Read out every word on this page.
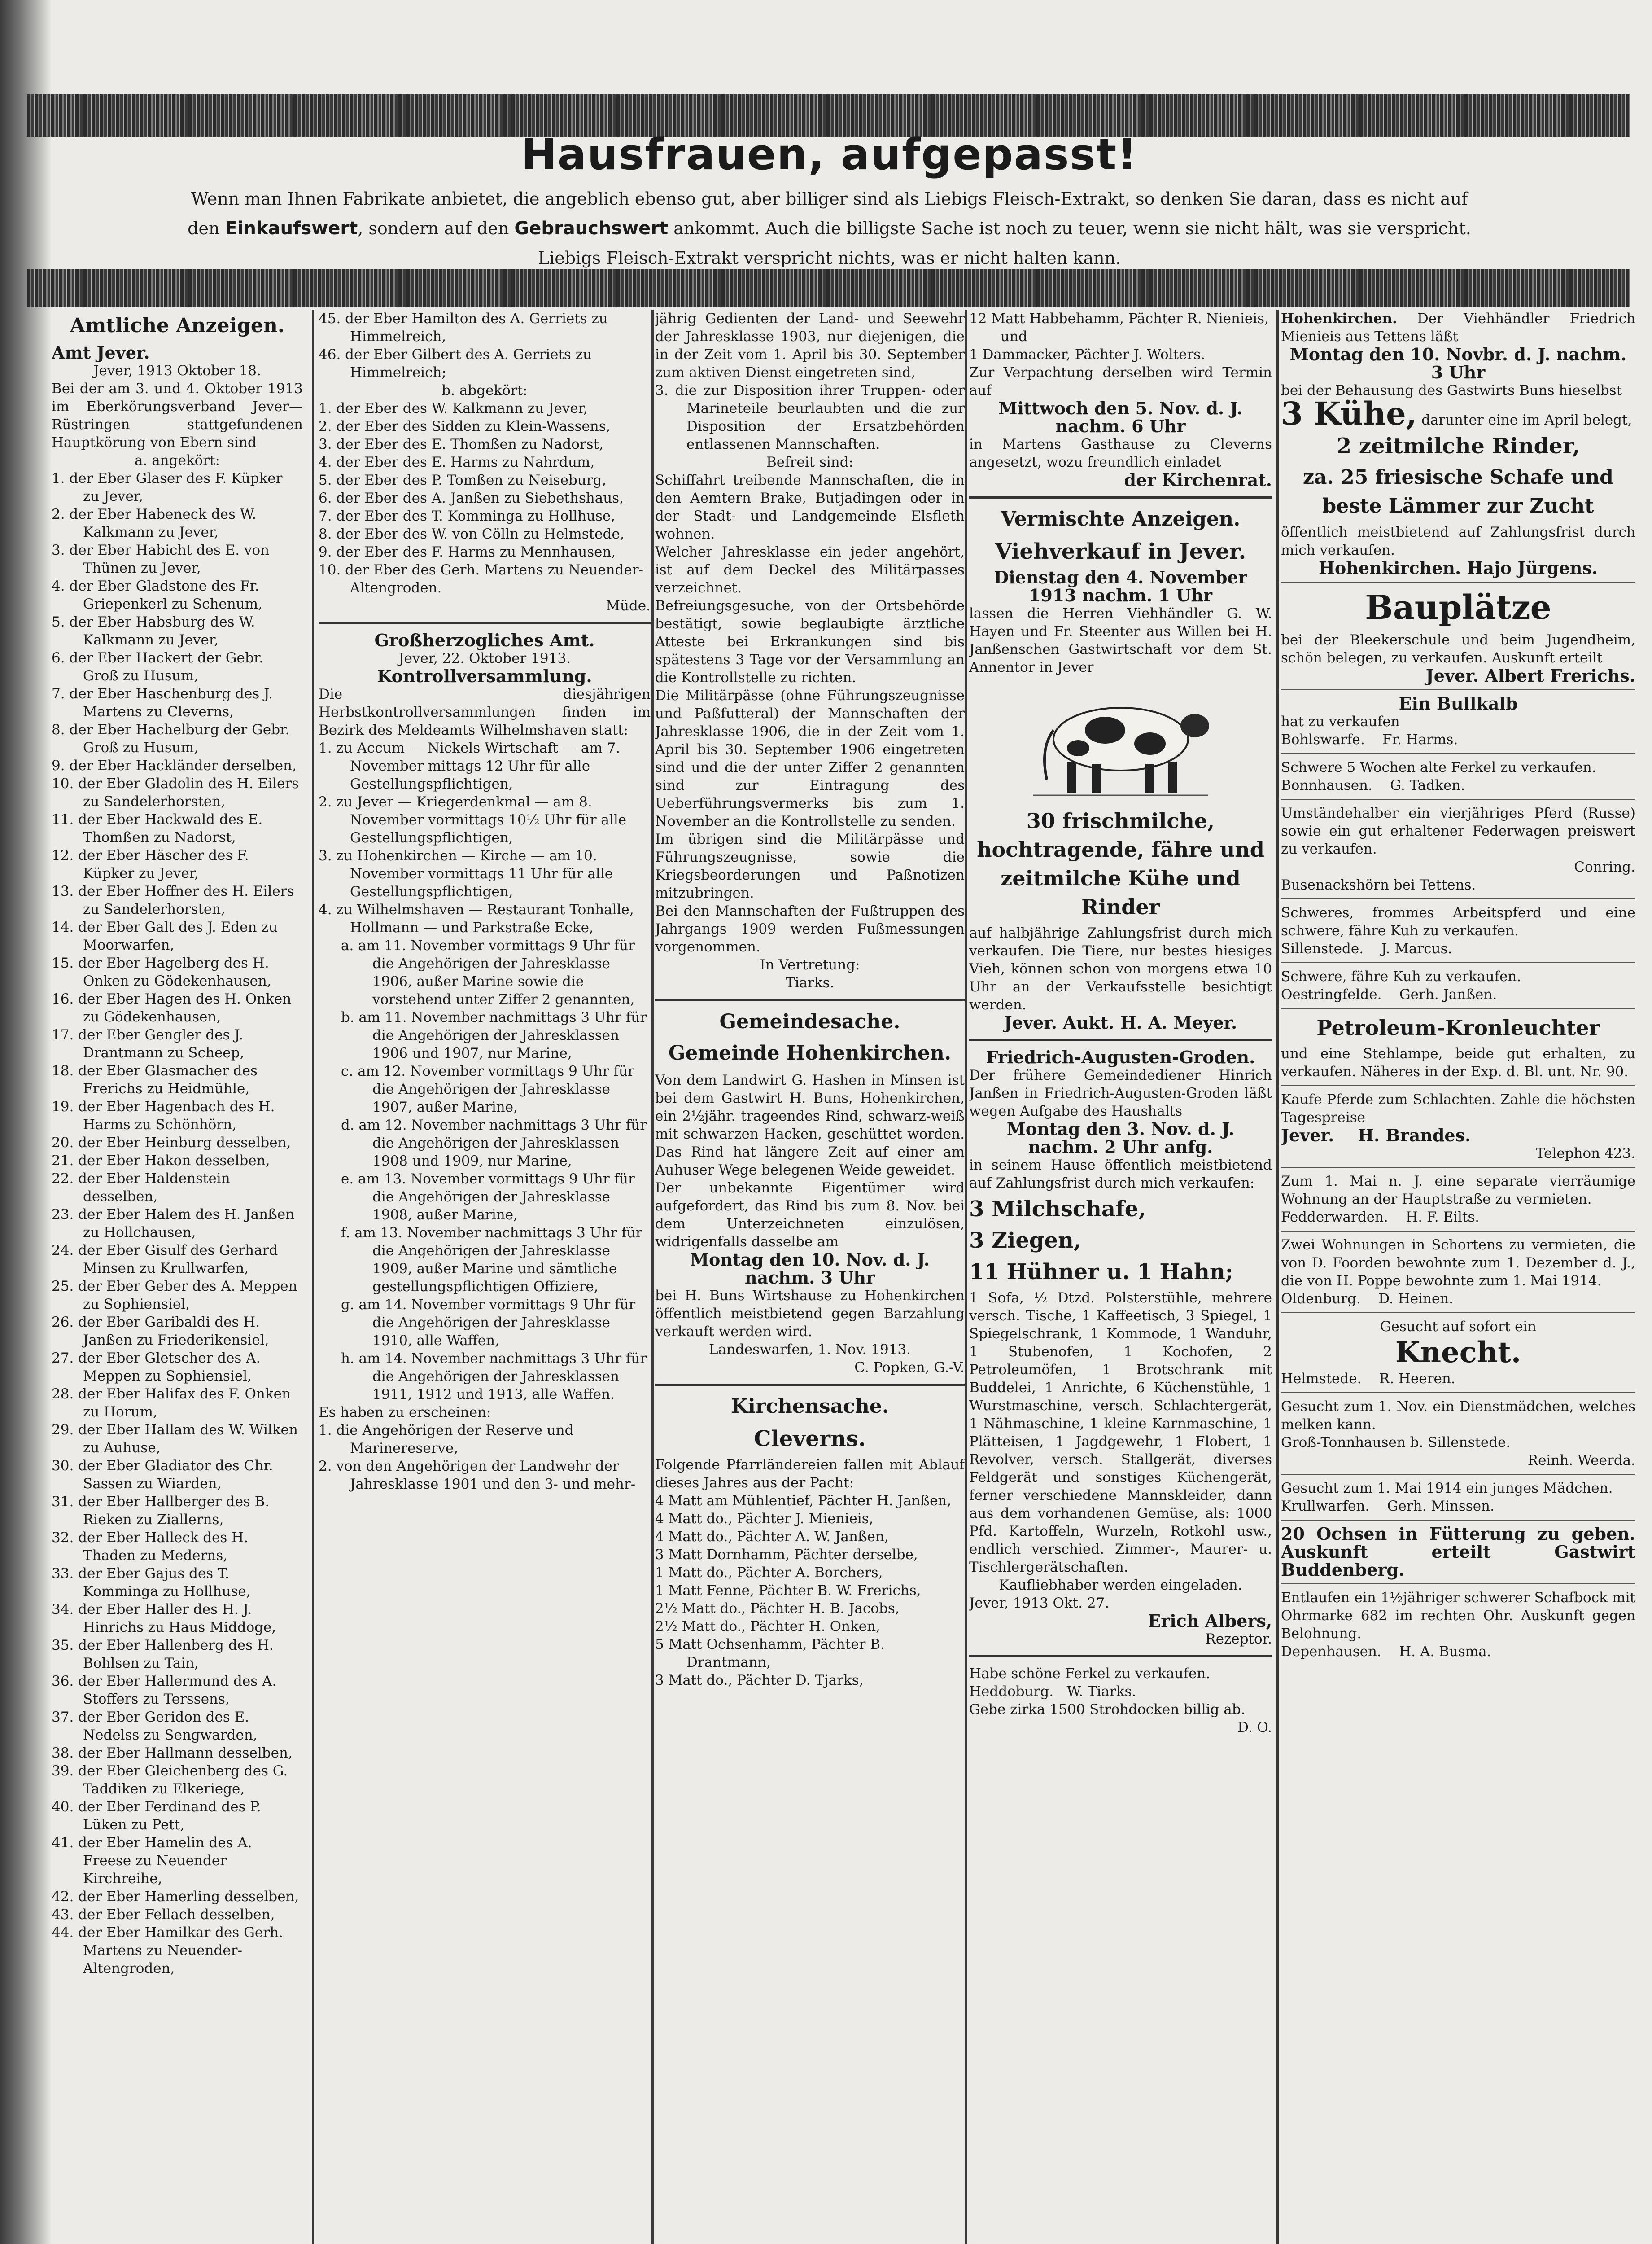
Hausfrauen, aufgepasst!

Wenn man Ihnen Fabrikate anbietet, die angeblich ebenso gut, aber billiger sind als Liebigs Fleisch-Extrakt, so denken Sie daran, dass es nicht auf

den Einkaufswert, sondern auf den Gebrauchswert ankommt. Auch die billigste Sache ist noch zu teuer, wenn sie nicht hält, was sie verspricht.

Liebigs Fleisch-Extrakt verspricht nichts, was er nicht halten kann.

Amtliche Anzeigen.

Amt Jever.

Jever, 1913 Oktober 18.

Bei der am 3. und 4. Oktober 1913 im Eberkörungsverband Jever—Rüstringen stattgefundenen Hauptkörung von Ebern sind

a. angekört:

1. der Eber Glaser des F. Küpker zu Jever,

2. der Eber Habeneck des W. Kalkmann zu Jever,

3. der Eber Habicht des E. von Thünen zu Jever,

4. der Eber Gladstone des Fr. Griepenkerl zu Schenum,

5. der Eber Habsburg des W. Kalkmann zu Jever,

6. der Eber Hackert der Gebr. Groß zu Husum,

7. der Eber Haschenburg des J. Martens zu Cleverns,

8. der Eber Hachelburg der Gebr. Groß zu Husum,

9. der Eber Hackländer derselben,

10. der Eber Gladolin des H. Eilers zu Sandelerhorsten,

11. der Eber Hackwald des E. Thomßen zu Nadorst,

12. der Eber Häscher des F. Küpker zu Jever,

13. der Eber Hoffner des H. Eilers zu Sandelerhorsten,

14. der Eber Galt des J. Eden zu Moorwarfen,

15. der Eber Hagelberg des H. Onken zu Gödekenhausen,

16. der Eber Hagen des H. Onken zu Gödekenhausen,

17. der Eber Gengler des J. Drantmann zu Scheep,

18. der Eber Glasmacher des Frerichs zu Heidmühle,

19. der Eber Hagenbach des H. Harms zu Schönhörn,

20. der Eber Heinburg desselben,

21. der Eber Hakon desselben,

22. der Eber Haldenstein desselben,

23. der Eber Halem des H. Janßen zu Hollchausen,

24. der Eber Gisulf des Gerhard Minsen zu Krullwarfen,

25. der Eber Geber des A. Meppen zu Sophiensiel,

26. der Eber Garibaldi des H. Janßen zu Friederikensiel,

27. der Eber Gletscher des A. Meppen zu Sophiensiel,

28. der Eber Halifax des F. Onken zu Horum,

29. der Eber Hallam des W. Wilken zu Auhuse,

30. der Eber Gladiator des Chr. Sassen zu Wiarden,

31. der Eber Hallberger des B. Rieken zu Ziallerns,

32. der Eber Halleck des H. Thaden zu Mederns,

33. der Eber Gajus des T. Komminga zu Hollhuse,

34. der Eber Haller des H. J. Hinrichs zu Haus Middoge,

35. der Eber Hallenberg des H. Bohlsen zu Tain,

36. der Eber Hallermund des A. Stoffers zu Terssens,

37. der Eber Geridon des E. Nedelss zu Sengwarden,

38. der Eber Hallmann desselben,

39. der Eber Gleichenberg des G. Taddiken zu Elkeriege,

40. der Eber Ferdinand des P. Lüken zu Pett,

41. der Eber Hamelin des A. Freese zu Neuender Kirchreihe,

42. der Eber Hamerling desselben,

43. der Eber Fellach desselben,

44. der Eber Hamilkar des Gerh. Martens zu Neuender-Altengroden,

45. der Eber Hamilton des A. Gerriets zu Himmelreich,

46. der Eber Gilbert des A. Gerriets zu Himmelreich;

b. abgekört:

1. der Eber des W. Kalkmann zu Jever,

2. der Eber des Sidden zu Klein-Wassens,

3. der Eber des E. Thomßen zu Nadorst,

4. der Eber des E. Harms zu Nahrdum,

5. der Eber des P. Tomßen zu Neiseburg,

6. der Eber des A. Janßen zu Siebethshaus,

7. der Eber des T. Komminga zu Hollhuse,

8. der Eber des W. von Cölln zu Helmstede,

9. der Eber des F. Harms zu Mennhausen,

10. der Eber des Gerh. Martens zu Neuender-Altengroden.

Müde.

Großherzogliches Amt.

Jever, 22. Oktober 1913.

Kontrollversammlung.

Die diesjährigen Herbstkontrollversammlungen finden im Bezirk des Meldeamts Wilhelmshaven statt:

1. zu Accum — Nickels Wirtschaft — am 7. November mittags 12 Uhr für alle Gestellungspflichtigen,

2. zu Jever — Kriegerdenkmal — am 8. November vormittags 10½ Uhr für alle Gestellungspflichtigen,

3. zu Hohenkirchen — Kirche — am 10. November vormittags 11 Uhr für alle Gestellungspflichtigen,

4. zu Wilhelmshaven — Restaurant Tonhalle, Hollmann — und Parkstraße Ecke,

a. am 11. November vormittags 9 Uhr für die Angehörigen der Jahresklasse 1906, außer Marine sowie die vorstehend unter Ziffer 2 genannten,

b. am 11. November nachmittags 3 Uhr für die Angehörigen der Jahresklassen 1906 und 1907, nur Marine,

c. am 12. November vormittags 9 Uhr für die Angehörigen der Jahresklasse 1907, außer Marine,

d. am 12. November nachmittags 3 Uhr für die Angehörigen der Jahresklassen 1908 und 1909, nur Marine,

e. am 13. November vormittags 9 Uhr für die Angehörigen der Jahresklasse 1908, außer Marine,

f. am 13. November nachmittags 3 Uhr für die Angehörigen der Jahresklasse 1909, außer Marine und sämtliche gestellungspflichtigen Offiziere,

g. am 14. November vormittags 9 Uhr für die Angehörigen der Jahresklasse 1910, alle Waffen,

h. am 14. November nachmittags 3 Uhr für die Angehörigen der Jahresklassen 1911, 1912 und 1913, alle Waffen.

Es haben zu erscheinen:

1. die Angehörigen der Reserve und Marinereserve,

2. von den Angehörigen der Landwehr der Jahresklasse 1901 und den 3- und mehr-

jährig Gedienten der Land- und Seewehr der Jahresklasse 1903, nur diejenigen, die in der Zeit vom 1. April bis 30. September zum aktiven Dienst eingetreten sind,

3. die zur Disposition ihrer Truppen- oder Marineteile beurlaubten und die zur Disposition der Ersatzbehörden entlassenen Mannschaften.

Befreit sind:

Schiffahrt treibende Mannschaften, die in den Aemtern Brake, Butjadingen oder in der Stadt- und Landgemeinde Elsfleth wohnen.

Welcher Jahresklasse ein jeder angehört, ist auf dem Deckel des Militärpasses verzeichnet.

Befreiungsgesuche, von der Ortsbehörde bestätigt, sowie beglaubigte ärztliche Atteste bei Erkrankungen sind bis spätestens 3 Tage vor der Versammlung an die Kontrollstelle zu richten.

Die Militärpässe (ohne Führungszeugnisse und Paßfutteral) der Mannschaften der Jahresklasse 1906, die in der Zeit vom 1. April bis 30. September 1906 eingetreten sind und die der unter Ziffer 2 genannten sind zur Eintragung des Ueberführungsvermerks bis zum 1. November an die Kontrollstelle zu senden.

Im übrigen sind die Militärpässe und Führungszeugnisse, sowie die Kriegsbeorderungen und Paßnotizen mitzubringen.

Bei den Mannschaften der Fußtruppen des Jahrgangs 1909 werden Fußmessungen vorgenommen.

In Vertretung:

Tiarks.

Gemeindesache.
Gemeinde Hohenkirchen.

Von dem Landwirt G. Hashen in Minsen ist bei dem Gastwirt H. Buns, Hohenkirchen, ein 2½jähr. trageendes Rind, schwarz-weiß mit schwarzen Hacken, geschüttet worden. Das Rind hat längere Zeit auf einer am Auhuser Wege belegenen Weide geweidet.

Der unbekannte Eigentümer wird aufgefordert, das Rind bis zum 8. Nov. bei dem Unterzeichneten einzulösen, widrigenfalls dasselbe am

Montag den 10. Nov. d. J. nachm. 3 Uhr

bei H. Buns Wirtshause zu Hohenkirchen öffentlich meistbietend gegen Barzahlung verkauft werden wird.

Landeswarfen, 1. Nov. 1913.

C. Popken, G.-V.

Kirchensache.
Cleverns.

Folgende Pfarrländereien fallen mit Ablauf dieses Jahres aus der Pacht:

4 Matt am Mühlentief, Pächter H. Janßen,

4 Matt do., Pächter J. Mienieis,

4 Matt do., Pächter A. W. Janßen,

3 Matt Dornhamm, Pächter derselbe,

1 Matt do., Pächter A. Borchers,

1 Matt Fenne, Pächter B. W. Frerichs,

2½ Matt do., Pächter H. B. Jacobs,

2½ Matt do., Pächter H. Onken,

5 Matt Ochsenhamm, Pächter B. Drantmann,

3 Matt do., Pächter D. Tjarks,

12 Matt Habbehamm, Pächter R. Nienieis, und

1 Dammacker, Pächter J. Wolters.

Zur Verpachtung derselben wird Termin auf

Mittwoch den 5. Nov. d. J. nachm. 6 Uhr

in Martens Gasthause zu Cleverns angesetzt, wozu freundlich einladet

der Kirchenrat.

Vermischte Anzeigen.
Viehverkauf in Jever.

Dienstag den 4. November 1913 nachm. 1 Uhr

lassen die Herren Viehhändler G. W. Hayen und Fr. Steenter aus Willen bei H. Janßenschen Gastwirtschaft vor dem St. Annentor in Jever

30 frischmilche, hochtragende, fähre und zeitmilche Kühe und Rinder

auf halbjährige Zahlungsfrist durch mich verkaufen. Die Tiere, nur bestes hiesiges Vieh, können schon von morgens etwa 10 Uhr an der Verkaufsstelle besichtigt werden.

Jever. Aukt. H. A. Meyer.

Friedrich-Augusten-Groden.

Der frühere Gemeindediener Hinrich Janßen in Friedrich-Augusten-Groden läßt wegen Aufgabe des Haushalts

Montag den 3. Nov. d. J. nachm. 2 Uhr anfg.

in seinem Hause öffentlich meistbietend auf Zahlungsfrist durch mich verkaufen:

3 Milchschafe,
3 Ziegen,
11 Hühner u. 1 Hahn;

1 Sofa, ½ Dtzd. Polsterstühle, mehrere versch. Tische, 1 Kaffeetisch, 3 Spiegel, 1 Spiegelschrank, 1 Kommode, 1 Wanduhr, 1 Stubenofen, 1 Kochofen, 2 Petroleumöfen, 1 Brotschrank mit Buddelei, 1 Anrichte, 6 Küchenstühle, 1 Wurstmaschine, versch. Schlachtergerät, 1 Nähmaschine, 1 kleine Karnmaschine, 1 Plätteisen, 1 Jagdgewehr, 1 Flobert, 1 Revolver, versch. Stallgerät, diverses Feldgerät und sonstiges Küchengerät, ferner verschiedene Mannskleider, dann aus dem vorhandenen Gemüse, als: 1000 Pfd. Kartoffeln, Wurzeln, Rotkohl usw., endlich verschied. Zimmer-, Maurer- u. Tischlergerätschaften.

Kaufliebhaber werden eingeladen.

Jever, 1913 Okt. 27.

Erich Albers,

Rezeptor.

Habe schöne Ferkel zu verkaufen.

Heddoburg. W. Tiarks.

Gebe zirka 1500 Strohdocken billig ab.

D. O.

Hohenkirchen. Der Viehhändler Friedrich Mienieis aus Tettens läßt

Montag den 10. Novbr. d. J. nachm. 3 Uhr

bei der Behausung des Gastwirts Buns hieselbst

3 Kühe, darunter eine im April belegt,

2 zeitmilche Rinder,
za. 25 friesische Schafe und beste Lämmer zur Zucht

öffentlich meistbietend auf Zahlungsfrist durch mich verkaufen.

Hohenkirchen. Hajo Jürgens.

Bauplätze

bei der Bleekerschule und beim Jugendheim, schön belegen, zu verkaufen. Auskunft erteilt

Jever. Albert Frerichs.

Ein Bullkalb

hat zu verkaufen

Bohlswarfe. Fr. Harms.

Schwere 5 Wochen alte Ferkel zu verkaufen.

Bonnhausen. G. Tadken.

Umständehalber ein vierjähriges Pferd (Russe) sowie ein gut erhaltener Federwagen preiswert zu verkaufen.

Conring.

Busenackshörn bei Tettens.

Schweres, frommes Arbeitspferd und eine schwere, fähre Kuh zu verkaufen.

Sillenstede. J. Marcus.

Schwere, fähre Kuh zu verkaufen.

Oestringfelde. Gerh. Janßen.

Petroleum-Kronleuchter

und eine Stehlampe, beide gut erhalten, zu verkaufen. Näheres in der Exp. d. Bl. unt. Nr. 90.

Kaufe Pferde zum Schlachten. Zahle die höchsten Tagespreise

Jever. H. Brandes.

Telephon 423.

Zum 1. Mai n. J. eine separate vierräumige Wohnung an der Hauptstraße zu vermieten.

Fedderwarden. H. F. Eilts.

Zwei Wohnungen in Schortens zu vermieten, die von D. Foorden bewohnte zum 1. Dezember d. J., die von H. Poppe bewohnte zum 1. Mai 1914.

Oldenburg. D. Heinen.

Gesucht auf sofort ein

Knecht.

Helmstede. R. Heeren.

Gesucht zum 1. Nov. ein Dienstmädchen, welches melken kann.

Groß-Tonnhausen b. Sillenstede.

Reinh. Weerda.

Gesucht zum 1. Mai 1914 ein junges Mädchen.

Krullwarfen. Gerh. Minssen.

20 Ochsen in Fütterung zu geben. Auskunft erteilt Gastwirt Buddenberg.

Entlaufen ein 1½jähriger schwerer Schafbock mit Ohrmarke 682 im rechten Ohr. Auskunft gegen Belohnung.

Depenhausen. H. A. Busma.
